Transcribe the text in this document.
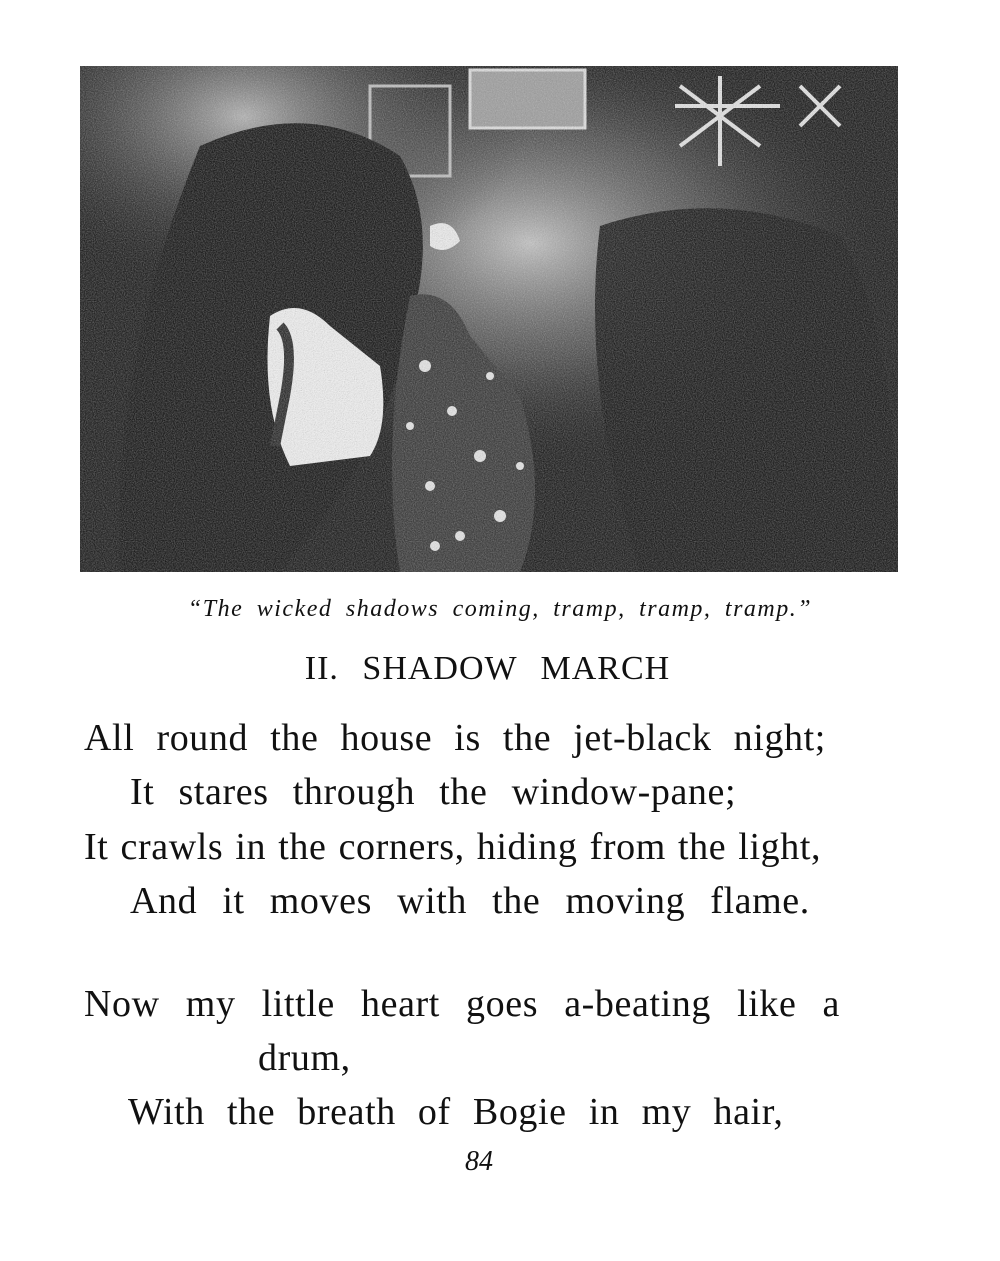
“The wicked shadows coming, tramp, tramp, tramp.”
II. SHADOW MARCH
All round the house is the jet-black night;
It stares through the window-pane;
It crawls in the corners, hiding from the light,
And it moves with the moving flame.
Now my little heart goes a-beating like a
drum,
With the breath of Bogie in my hair,
84
